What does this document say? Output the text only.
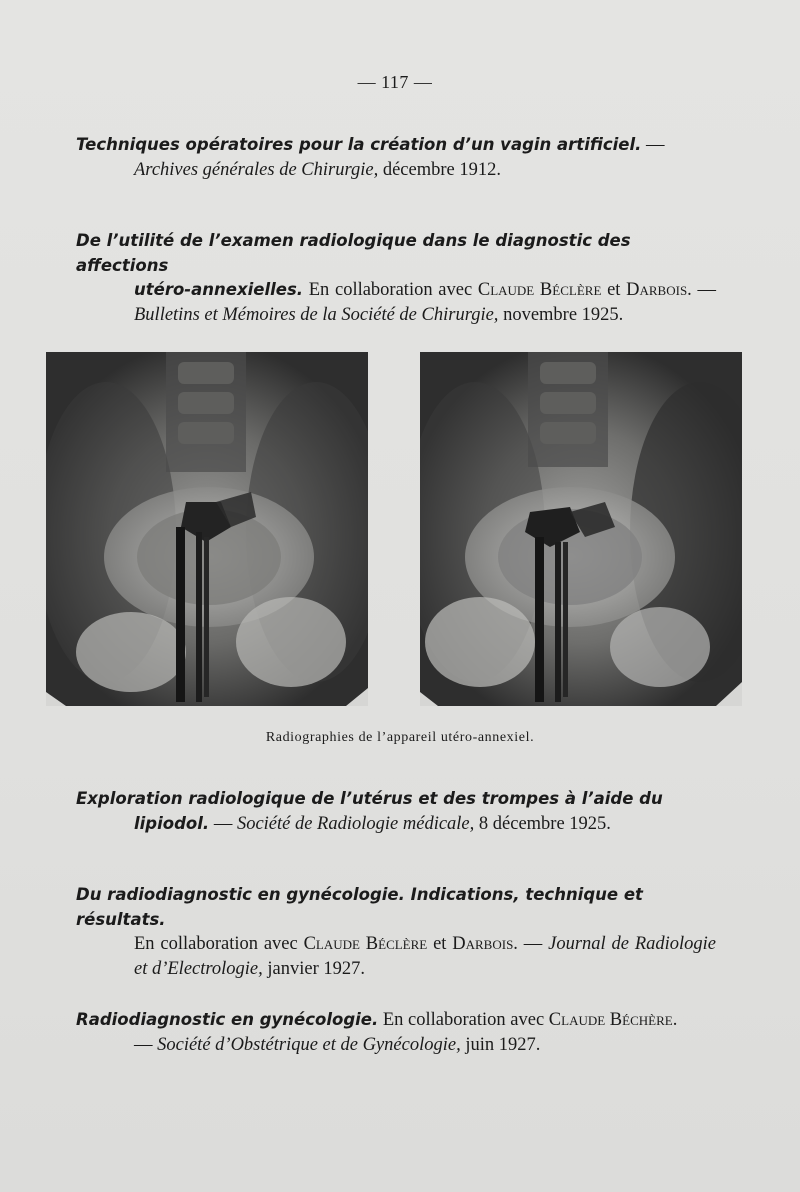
— 117 —
Techniques opératoires pour la création d’un vagin artificiel. —
Archives générales de Chirurgie, décembre 1912.
De l’utilité de l’examen radiologique dans le diagnostic des affections
utéro-annexielles. En collaboration avec Claude Béclère et Darbois. — Bulletins et Mémoires de la Société de Chirurgie, novembre 1925.
Radiographies de l’appareil utéro-annexiel.
Exploration radiologique de l’utérus et des trompes à l’aide du
lipiodol. — Société de Radiologie médicale, 8 décembre 1925.
Du radiodiagnostic en gynécologie. Indications, technique et résultats.
En collaboration avec Claude Béclère et Darbois. — Journal de Radiologie et d’Electrologie, janvier 1927.
Radiodiagnostic en gynécologie. En collaboration avec Claude Béchère.
— Société d’Obstétrique et de Gynécologie, juin 1927.
